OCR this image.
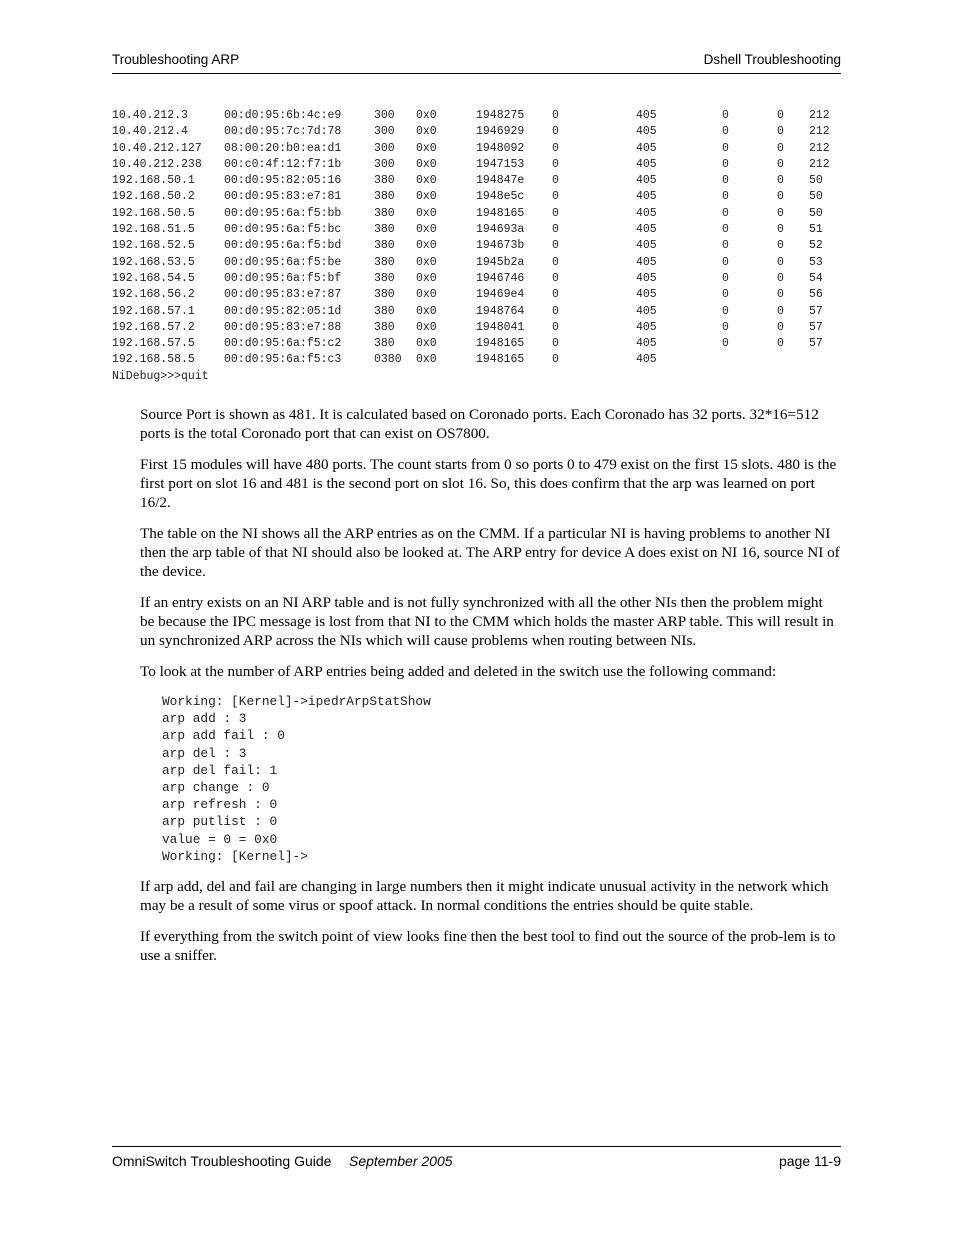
Troubleshooting ARP	Dshell Troubleshooting
10.40.212.3	00:d0:95:6b:4c:e9	300 0x0	1948275 0	405	0	0 212
10.40.212.4	00:d0:95:7c:7d:78	300 0x0	1946929 0	405	0	0 212
10.40.212.127 08:00:20:b0:ea:d1	300 0x0	1948092 0	405	0	0 212
10.40.212.238 00:c0:4f:12:f7:1b	300 0x0	1947153 0	405	0	0 212
192.168.50.1	00:d0:95:82:05:16	380 0x0	194847e 0	405	0	0 50
192.168.50.2	00:d0:95:83:e7:81	380 0x0	1948e5c 0	405	0	0 50
192.168.50.5	00:d0:95:6a:f5:bb	380 0x0	1948165 0	405	0	0 50
192.168.51.5	00:d0:95:6a:f5:bc	380 0x0	194693a 0	405	0	0 51
192.168.52.5	00:d0:95:6a:f5:bd	380 0x0	194673b 0	405	0	0 52
192.168.53.5	00:d0:95:6a:f5:be	380 0x0	1945b2a 0	405	0	0 53
192.168.54.5	00:d0:95:6a:f5:bf	380 0x0	1946746 0	405	0	0 54
192.168.56.2	00:d0:95:83:e7:87	380 0x0	19469e4 0	405	0	0 56
192.168.57.1	00:d0:95:82:05:1d	380 0x0	1948764 0	405	0	0 57
192.168.57.2	00:d0:95:83:e7:88	380 0x0	1948041 0	405	0	0 57
192.168.57.5	00:d0:95:6a:f5:c2	380 0x0	1948165 0	405	0	0 57
192.168.58.5	00:d0:95:6a:f5:c3	0380 0x0	1948165 0	405
NiDebug>>>quit

Source Port is shown as 481. It is calculated based on Coronado ports. Each Coronado has 32 ports. 32*16=512 ports is the total Coronado port that can exist on OS7800.

First 15 modules will have 480 ports. The count starts from 0 so ports 0 to 479 exist on the first 15 slots. 480 is the first port on slot 16 and 481 is the second port on slot 16. So, this does confirm that the arp was learned on port 16/2.

The table on the NI shows all the ARP entries as on the CMM. If a particular NI is having problems to another NI then the arp table of that NI should also be looked at. The ARP entry for device A does exist on NI 16, source NI of the device.

If an entry exists on an NI ARP table and is not fully synchronized with all the other NIs then the problem might be because the IPC message is lost from that NI to the CMM which holds the master ARP table. This will result in un synchronized ARP across the NIs which will cause problems when routing between NIs.

To look at the number of ARP entries being added and deleted in the switch use the following command:

Working: [Kernel]->ipedrArpStatShow
arp add : 3
arp add fail : 0
arp del : 3
arp del fail: 1
arp change : 0
arp refresh : 0
arp putlist : 0
value = 0 = 0x0
Working: [Kernel]->

If arp add, del and fail are changing in large numbers then it might indicate unusual activity in the network which may be a result of some virus or spoof attack. In normal conditions the entries should be quite stable.

If everything from the switch point of view looks fine then the best tool to find out the source of the prob-lem is to use a sniffer.

OmniSwitch Troubleshooting Guide September 2005	page 11-9
